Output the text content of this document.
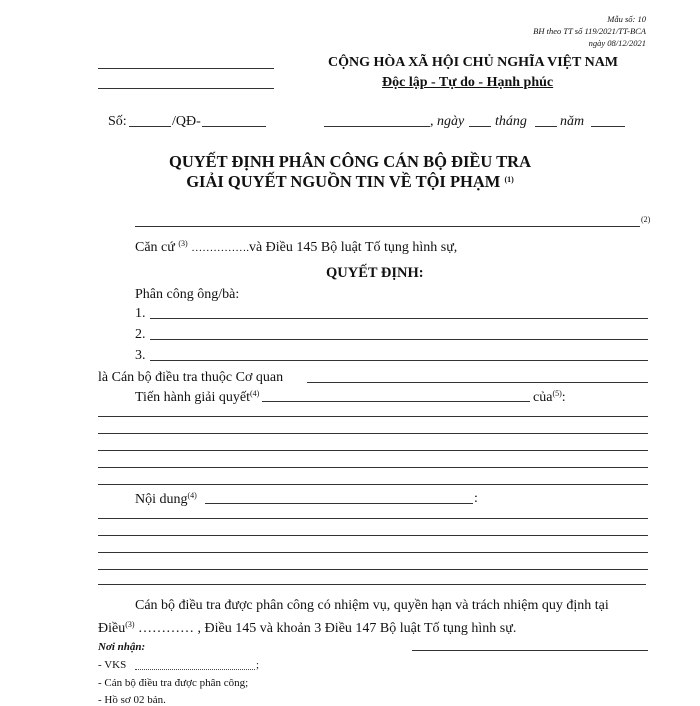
Mẫu số: 10
BH theo TT số 119/2021/TT-BCA
ngày 08/12/2021
CỘNG HÒA XÃ HỘI CHỦ NGHĨA VIỆT NAM
Độc lập - Tự do - Hạnh phúc
Số:	/QĐ-	, ngày tháng năm
QUYẾT ĐỊNH PHÂN CÔNG CÁN BỘ ĐIỀU TRA
GIẢI QUYẾT NGUỒN TIN VỀ TỘI PHẠM $^{(1)}$
(2)
Căn cứ $^{(3)}$ …………….và Điều 145 Bộ luật Tố tụng hình sự,
QUYẾT ĐỊNH:
Phân công ông/bà:
1.
2.
3.
là Cán bộ điều tra thuộc Cơ quan
Tiến hành giải quyết$^{(4)}$	của$^{(5)}$:
Nội dung$^{(4)}$	:
Cán bộ điều tra được phân công có nhiệm vụ, quyền hạn và trách nhiệm quy định tại
Điều$^{(3)}$ ………… , Điều 145 và khoản 3 Điều 147 Bộ luật Tố tụng hình sự.
Nơi nhận:
- VKS	;
- Cán bộ điều tra được phân công;
- Hồ sơ 02 bản.
